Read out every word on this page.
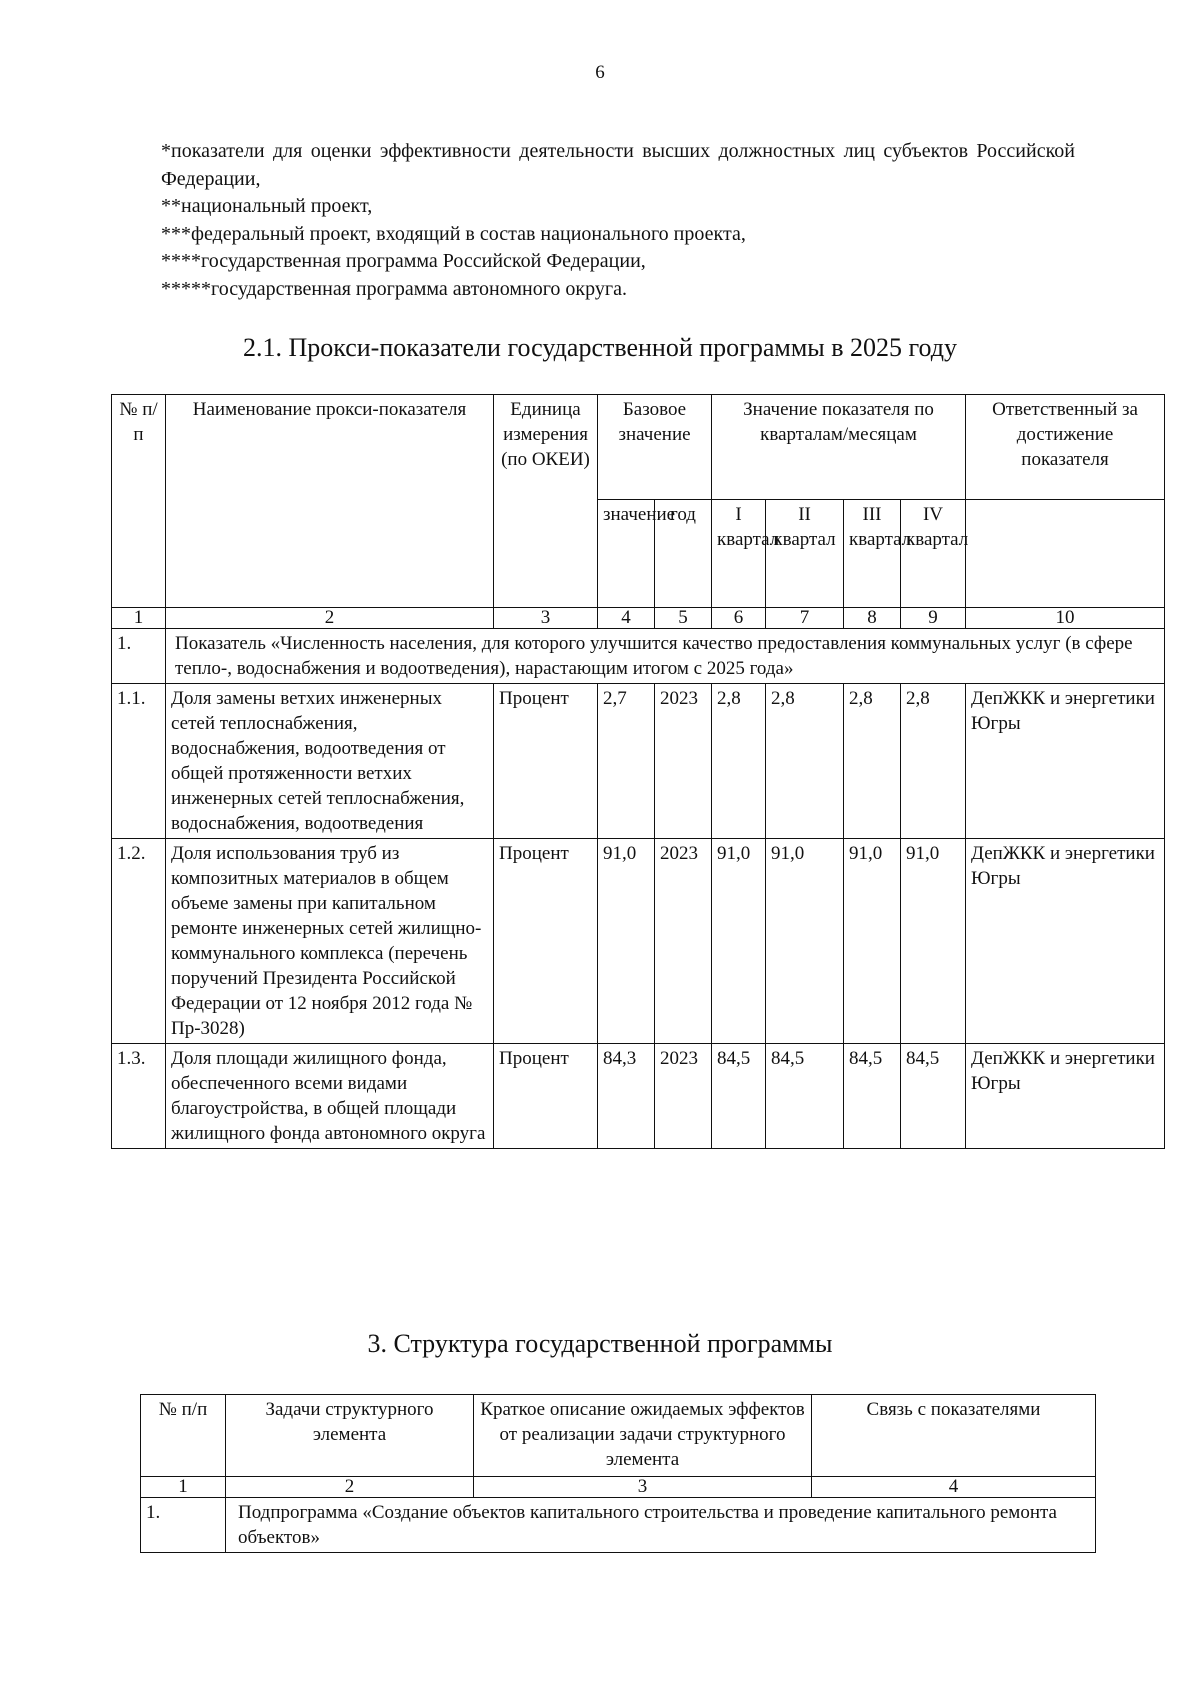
6

*показатели для оценки эффективности деятельности высших должностных лиц субъектов Российской Федерации,

**национальный проект,

***федеральный проект, входящий в состав национального проекта,

****государственная программа Российской Федерации,

*****государственная программа автономного округа.

2.1. Прокси-показатели государственной программы в 2025 году
№ п/п	Наименование прокси-показателя	Единица измерения (по ОКЕИ)	Базовое значение		Значение показателя по кварталам/месяцам				Ответственный за достижение показателя
			значение	год	I квартал	II квартал	III квартал	IV квартал	
1	2	3	4	5	6	7	8	9	10
1.	Показатель «Численность населения, для которого улучшится качество предоставления коммунальных услуг (в сфере тепло-, водоснабжения и водоотведения), нарастающим итогом с 2025 года»								
1.1.	Доля замены ветхих инженерных сетей теплоснабжения, водоснабжения, водоотведения от общей протяженности ветхих инженерных сетей теплоснабжения, водоснабжения, водоотведения	Процент	2,7	2023	2,8	2,8	2,8	2,8	ДепЖКК и энергетики Югры
1.2.	Доля использования труб из композитных материалов в общем объеме замены при капитальном ремонте инженерных сетей жилищно-коммунального комплекса (перечень поручений Президента Российской Федерации от 12 ноября 2012 года № Пр-3028)	Процент	91,0	2023	91,0	91,0	91,0	91,0	ДепЖКК и энергетики Югры
1.3.	Доля площади жилищного фонда, обеспеченного всеми видами благоустройства, в общей площади жилищного фонда автономного округа	Процент	84,3	2023	84,5	84,5	84,5	84,5	ДепЖКК и энергетики Югры
3. Структура государственной программы
№ п/п	Задачи структурного элемента	Краткое описание ожидаемых эффектов от реализации задачи структурного элемента	Связь с показателями
1	2	3	4
1.	Подпрограмма «Создание объектов капитального строительства и проведение капитального ремонта объектов»		
